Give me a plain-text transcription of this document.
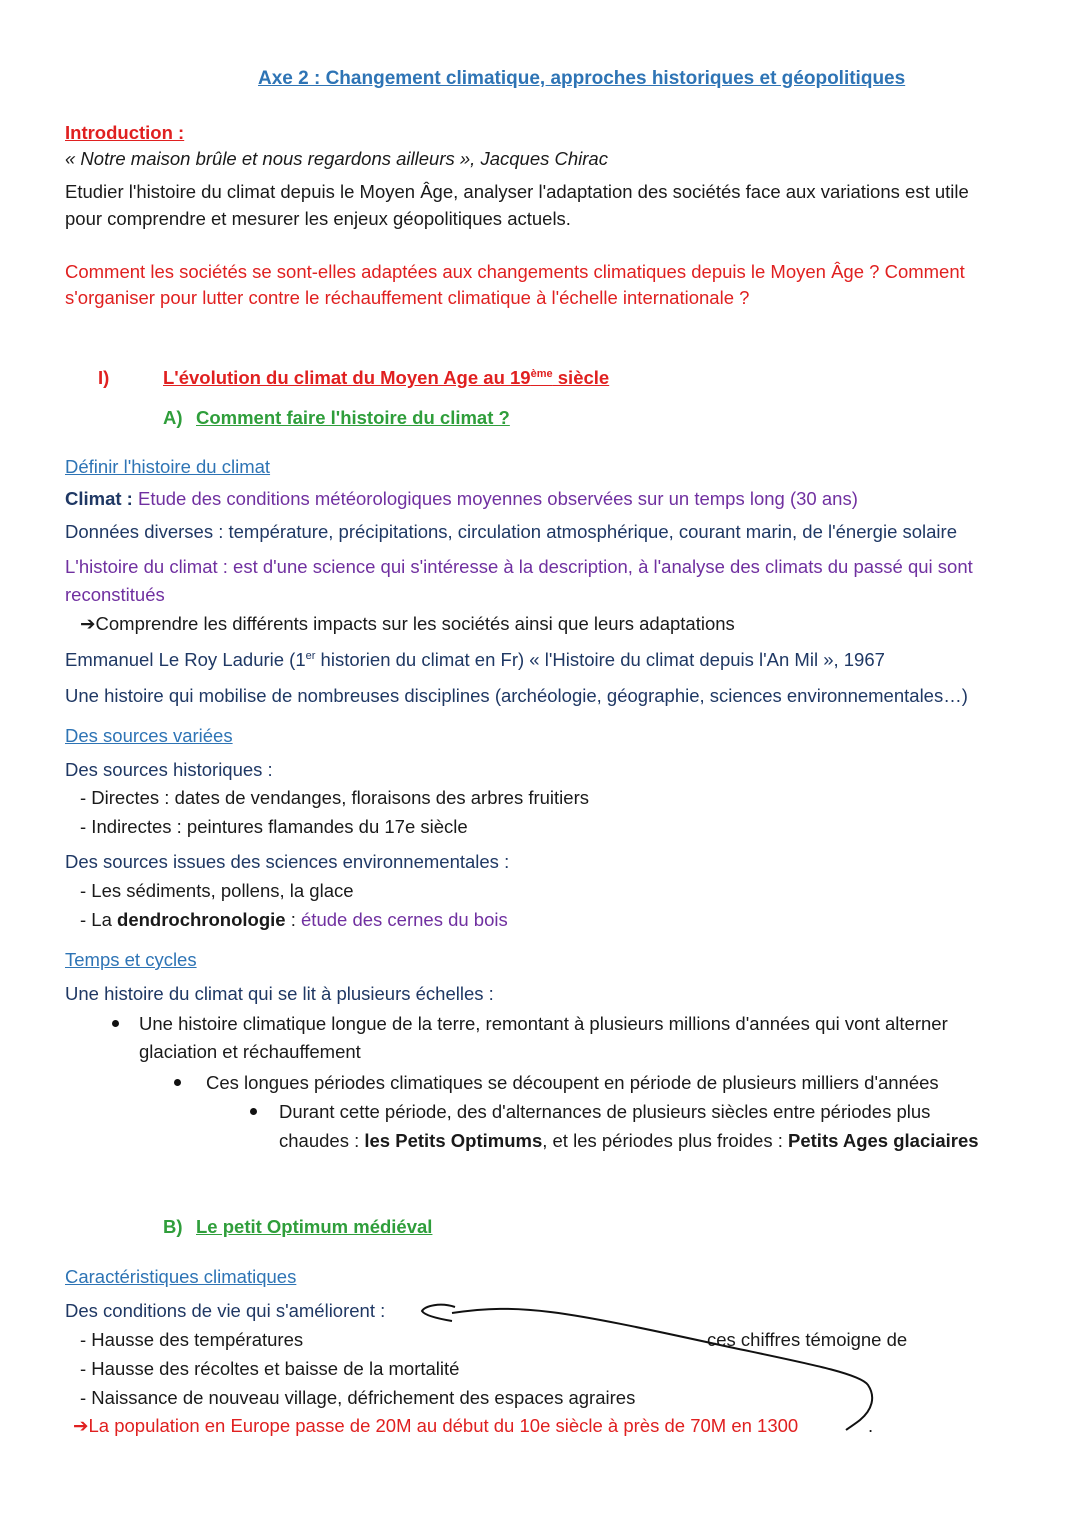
Axe 2 : Changement climatique, approches historiques et géopolitiques
Introduction :
« Notre maison brûle et nous regardons ailleurs », Jacques Chirac
Etudier l'histoire du climat depuis le Moyen Âge, analyser l'adaptation des sociétés face aux variations est utile
pour comprendre et mesurer les enjeux géopolitiques actuels.
Comment les sociétés se sont-elles adaptées aux changements climatiques depuis le Moyen Âge ? Comment
s'organiser pour lutter contre le réchauffement climatique à l'échelle internationale ?
I)	L'évolution du climat du Moyen Age au 19ème siècle
A) Comment faire l'histoire du climat ?
Définir l'histoire du climat
Climat : Etude des conditions météorologiques moyennes observées sur un temps long (30 ans)
Données diverses : température, précipitations, circulation atmosphérique, courant marin, de l'énergie solaire
L'histoire du climat : est d'une science qui s'intéresse à la description, à l'analyse des climats du passé qui sont
reconstitués
➔Comprendre les différents impacts sur les sociétés ainsi que leurs adaptations
Emmanuel Le Roy Ladurie (1er historien du climat en Fr) « l'Histoire du climat depuis l'An Mil », 1967
Une histoire qui mobilise de nombreuses disciplines (archéologie, géographie, sciences environnementales…)
Des sources variées
Des sources historiques :
- Directes : dates de vendanges, floraisons des arbres fruitiers
- Indirectes : peintures flamandes du 17e siècle
Des sources issues des sciences environnementales :
- Les sédiments, pollens, la glace
- La dendrochronologie : étude des cernes du bois
Temps et cycles
Une histoire du climat qui se lit à plusieurs échelles :
Une histoire climatique longue de la terre, remontant à plusieurs millions d'années qui vont alterner
glaciation et réchauffement
Ces longues périodes climatiques se découpent en période de plusieurs milliers d'années
Durant cette période, des d'alternances de plusieurs siècles entre périodes plus
chaudes : les Petits Optimums, et les périodes plus froides : Petits Ages glaciaires
B) Le petit Optimum médiéval
Caractéristiques climatiques
Des conditions de vie qui s'améliorent :
- Hausse des températures
- Hausse des récoltes et baisse de la mortalité
- Naissance de nouveau village, défrichement des espaces agraires
➔La population en Europe passe de 20M au début du 10e siècle à près de 70M en 1300	.
ces chiffres témoigne de
